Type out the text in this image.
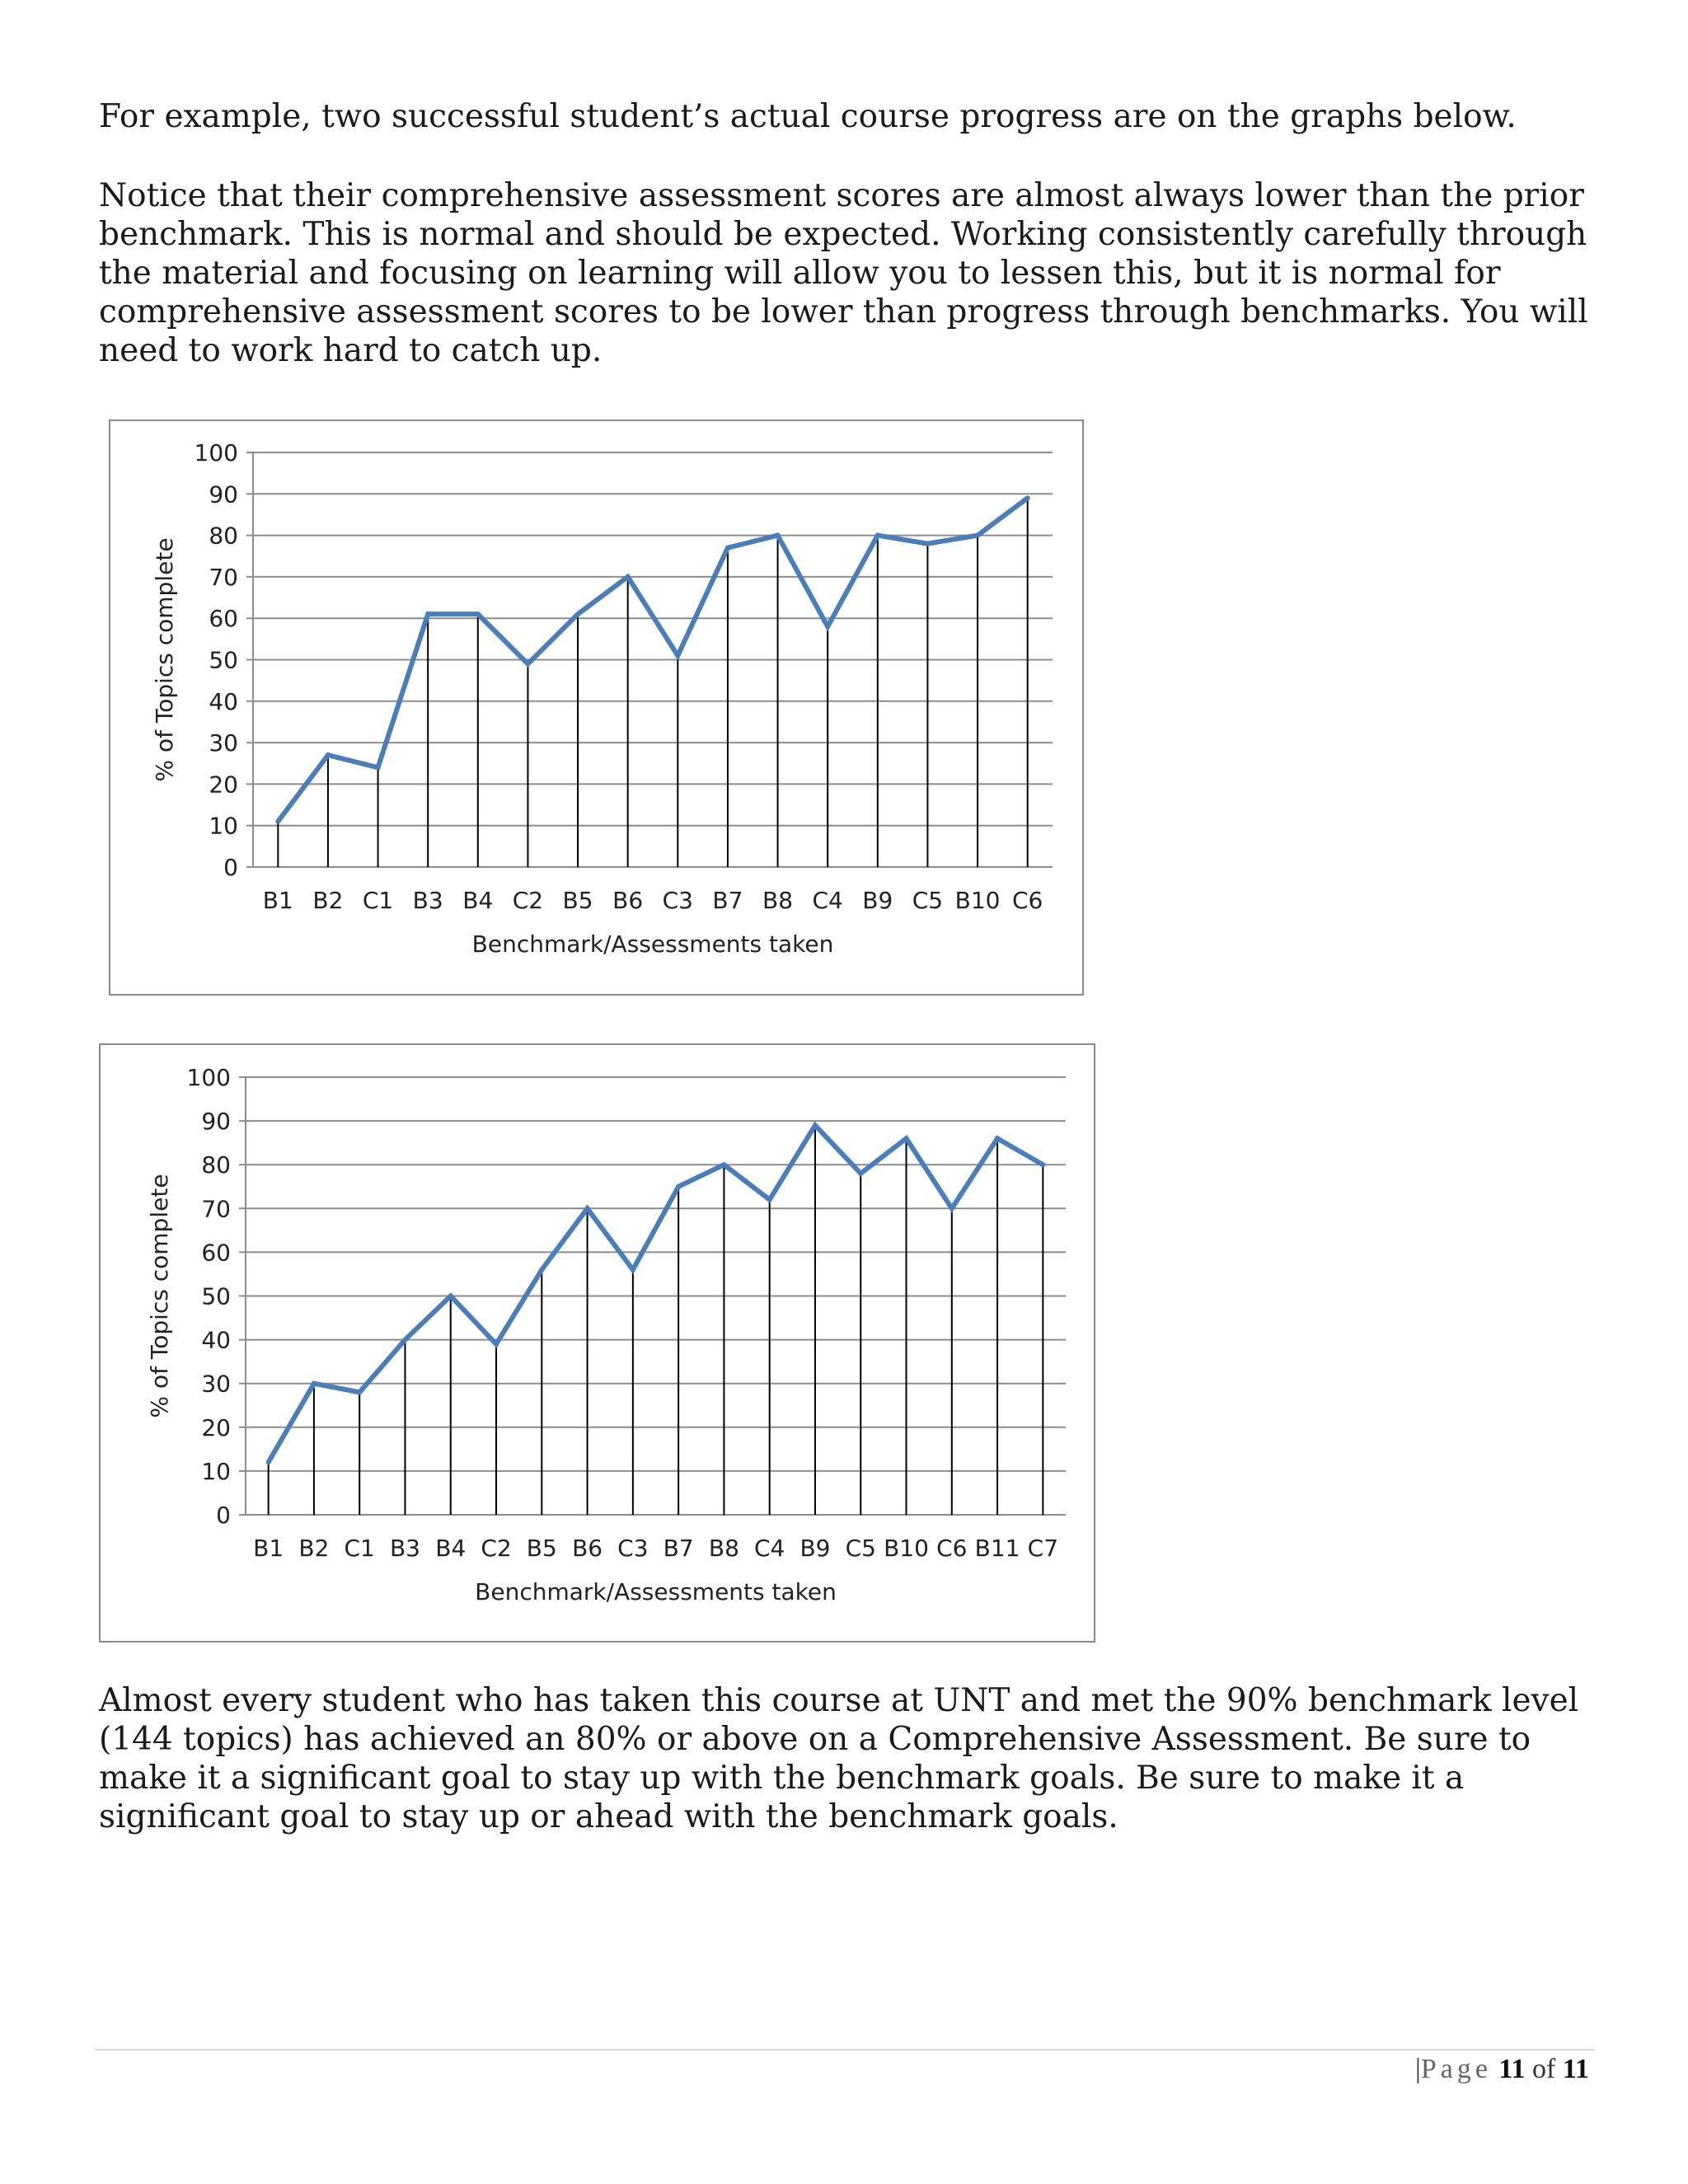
For example, two successful student’s actual course progress are on the graphs below.

Notice that their comprehensive assessment scores are almost always lower than the prior benchmark. This is normal and should be expected. Working consistently carefully through the material and focusing on learning will allow you to lessen this, but it is normal for comprehensive assessment scores to be lower than progress through benchmarks. You will need to work hard to catch up.

0
10
20
30
40
50
60
70
80
90
100
B1 B2 C1 B3 B4 C2 B5 B6 C3 B7 B8 C4 B9 C5 B10 C6
Benchmark/Assessments taken
% of Topics complete
0
10
20
30
40
50
60
70
80
90
100
B1 B2 C1 B3 B4 C2 B5 B6 C3 B7 B8 C4 B9 C5 B10 C6 B11 C7
Benchmark/Assessments taken
% of Topics complete

Almost every student who has taken this course at UNT and met the 90% benchmark level (144 topics) has achieved an 80% or above on a Comprehensive Assessment. Be sure to make it a significant goal to stay up with the benchmark goals. Be sure to make it a significant goal to stay up or ahead with the benchmark goals.

|Page 11 of 11
